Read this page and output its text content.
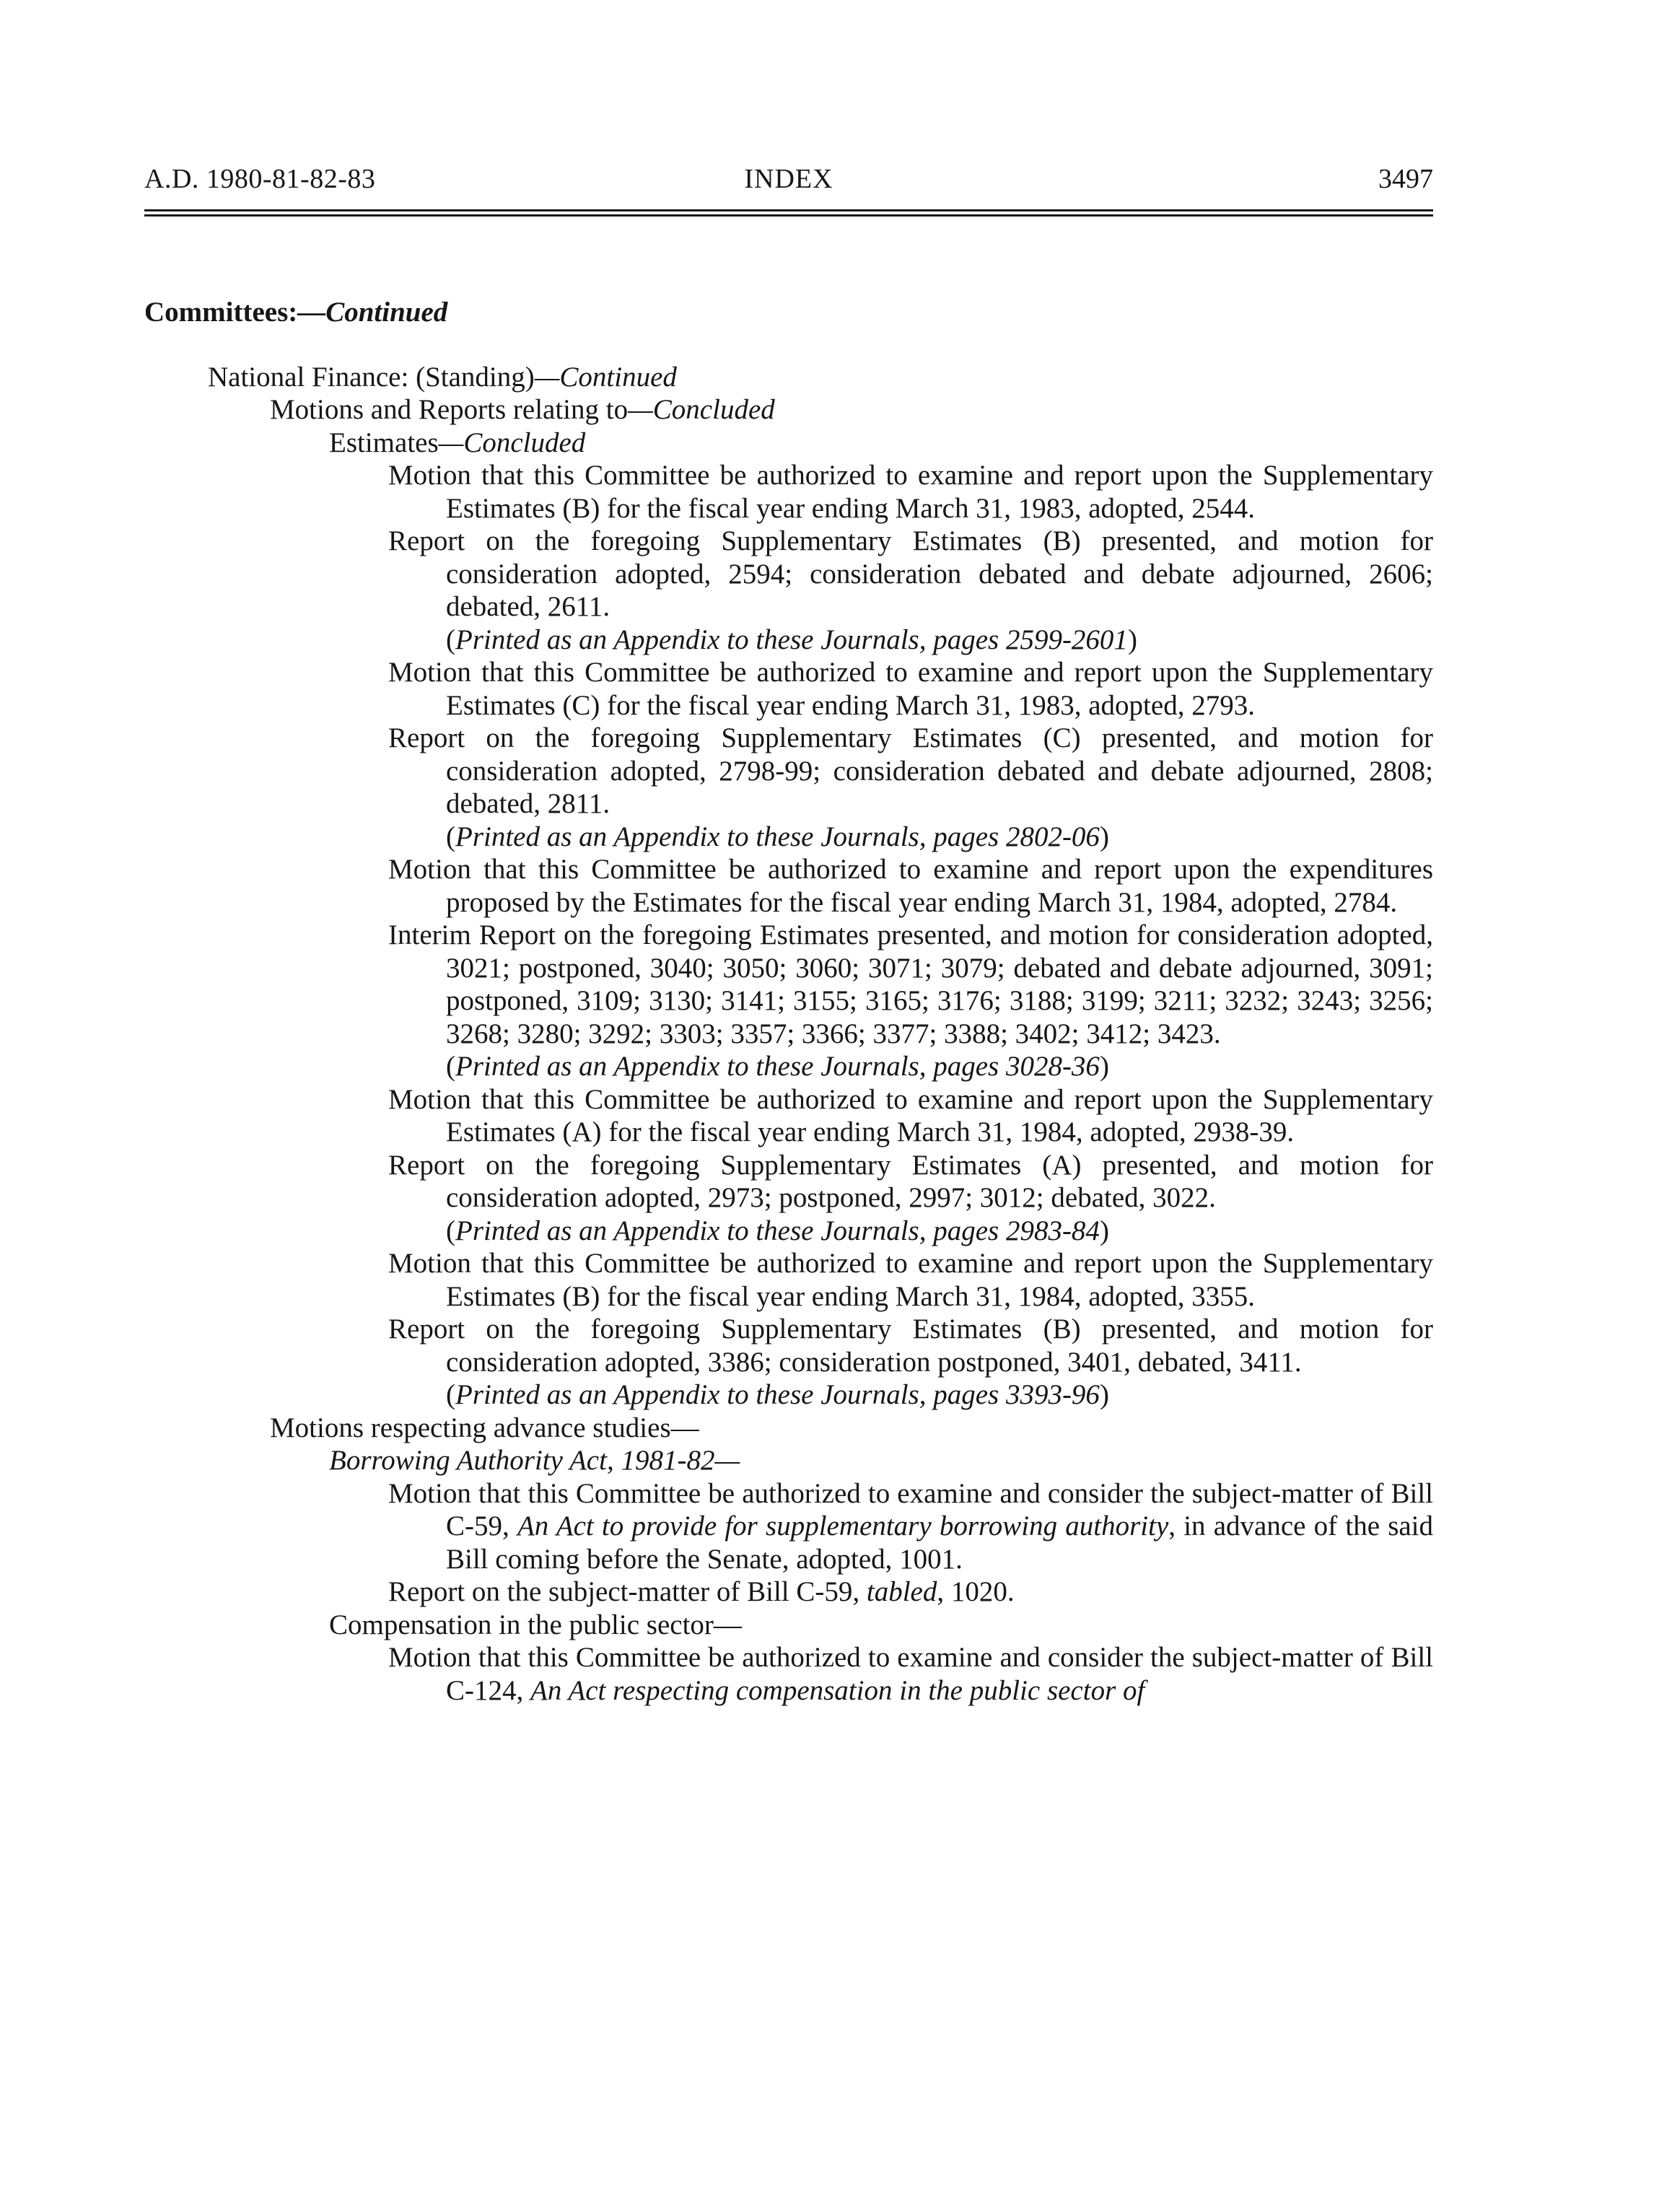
A.D. 1980-81-82-83	INDEX	3497
Committees:—Continued
National Finance: (Standing)—Continued
Motions and Reports relating to—Concluded
Estimates—Concluded
Motion that this Committee be authorized to examine and report upon the Supplementary Estimates (B) for the fiscal year ending March 31, 1983, adopted, 2544.
Report on the foregoing Supplementary Estimates (B) presented, and motion for consideration adopted, 2594; consideration debated and debate adjourned, 2606; debated, 2611.
(Printed as an Appendix to these Journals, pages 2599-2601)
Motion that this Committee be authorized to examine and report upon the Supplementary Estimates (C) for the fiscal year ending March 31, 1983, adopted, 2793.
Report on the foregoing Supplementary Estimates (C) presented, and motion for consideration adopted, 2798-99; consideration debated and debate adjourned, 2808; debated, 2811.
(Printed as an Appendix to these Journals, pages 2802-06)
Motion that this Committee be authorized to examine and report upon the expenditures proposed by the Estimates for the fiscal year ending March 31, 1984, adopted, 2784.
Interim Report on the foregoing Estimates presented, and motion for consideration adopted, 3021; postponed, 3040; 3050; 3060; 3071; 3079; debated and debate adjourned, 3091; postponed, 3109; 3130; 3141; 3155; 3165; 3176; 3188; 3199; 3211; 3232; 3243; 3256; 3268; 3280; 3292; 3303; 3357; 3366; 3377; 3388; 3402; 3412; 3423.
(Printed as an Appendix to these Journals, pages 3028-36)
Motion that this Committee be authorized to examine and report upon the Supplementary Estimates (A) for the fiscal year ending March 31, 1984, adopted, 2938-39.
Report on the foregoing Supplementary Estimates (A) presented, and motion for consideration adopted, 2973; postponed, 2997; 3012; debated, 3022.
(Printed as an Appendix to these Journals, pages 2983-84)
Motion that this Committee be authorized to examine and report upon the Supplementary Estimates (B) for the fiscal year ending March 31, 1984, adopted, 3355.
Report on the foregoing Supplementary Estimates (B) presented, and motion for consideration adopted, 3386; consideration postponed, 3401, debated, 3411.
(Printed as an Appendix to these Journals, pages 3393-96)
Motions respecting advance studies—
Borrowing Authority Act, 1981-82—
Motion that this Committee be authorized to examine and consider the subject-matter of Bill C-59, An Act to provide for supplementary borrowing authority, in advance of the said Bill coming before the Senate, adopted, 1001.
Report on the subject-matter of Bill C-59, tabled, 1020.
Compensation in the public sector—
Motion that this Committee be authorized to examine and consider the subject-matter of Bill C-124, An Act respecting compensation in the public sector of
